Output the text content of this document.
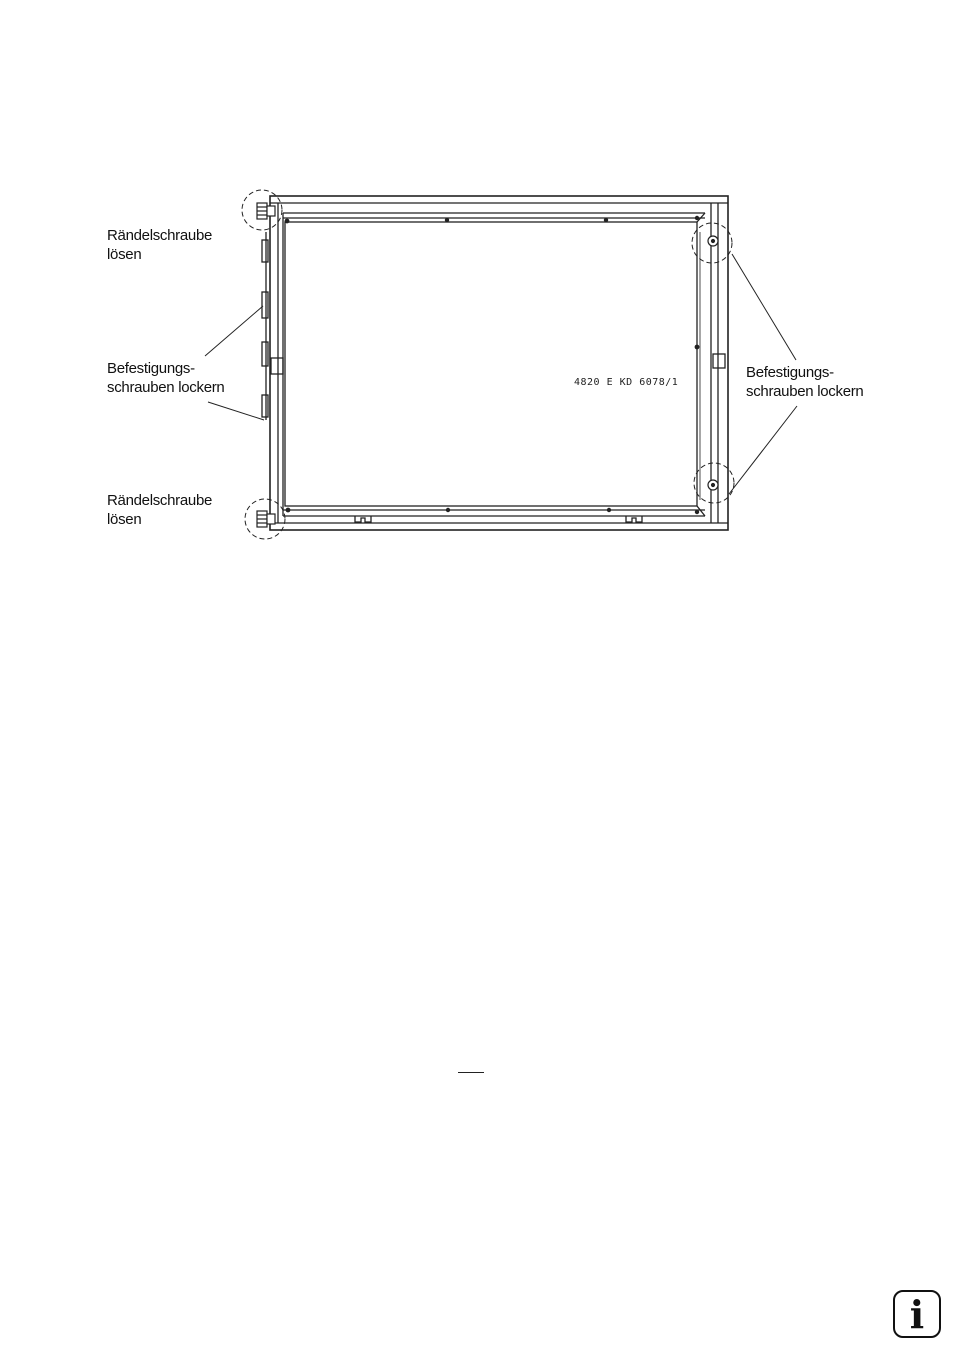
Rändelschraube
lösen
Befestigungs-
schrauben lockern
Rändelschraube
lösen
Befestigungs-
schrauben lockern
4820 E KD 6078/1
i
